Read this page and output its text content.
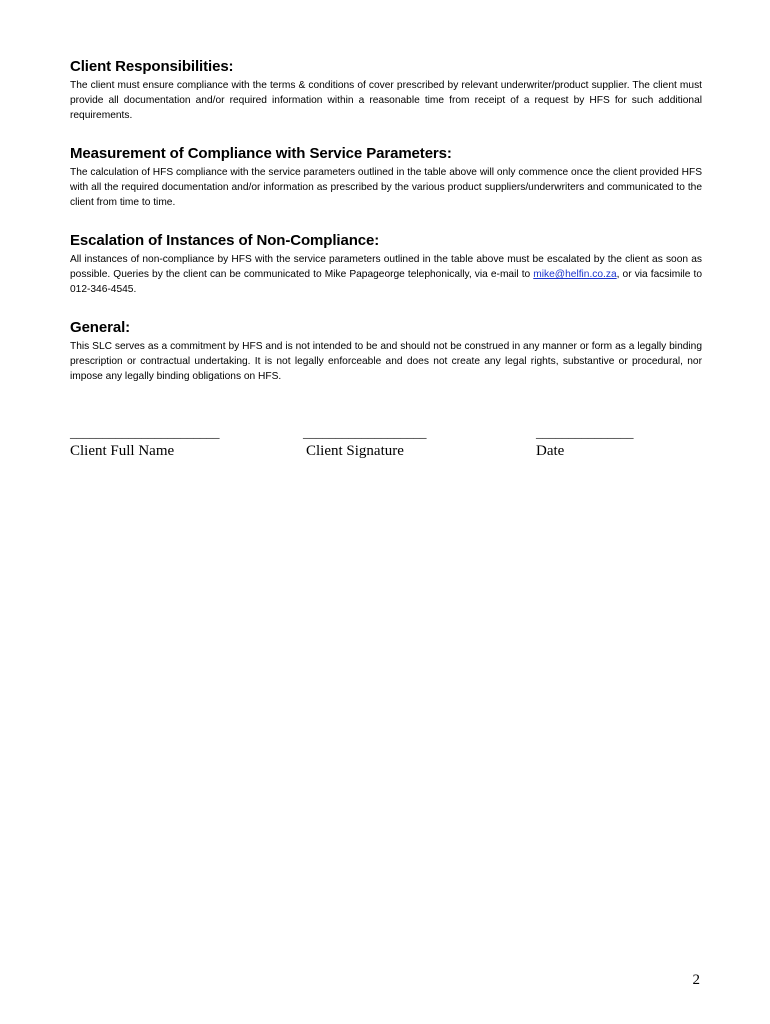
Client Responsibilities:

The client must ensure compliance with the terms & conditions of cover prescribed by relevant underwriter/product supplier. The client must provide all documentation and/or required information within a reasonable time from receipt of a request by HFS for such additional requirements.

Measurement of Compliance with Service Parameters:

The calculation of HFS compliance with the service parameters outlined in the table above will only commence once the client provided HFS with all the required documentation and/or information as prescribed by the various product suppliers/underwriters and communicated to the client from time to time.

Escalation of Instances of Non-Compliance:

All instances of non-compliance by HFS with the service parameters outlined in the table above must be escalated by the client as soon as possible. Queries by the client can be communicated to Mike Papageorge telephonically, via e-mail to mike@helfin.co.za, or via facsimile to 012-346-4545.

General:

This SLC serves as a commitment by HFS and is not intended to be and should not be construed in any manner or form as a legally binding prescription or contractual undertaking. It is not legally enforceable and does not create any legal rights, substantive or procedural, nor impose any legally binding obligations on HFS.

_______________________
Client Full Name
___________________
Client Signature
_______________
Date
2
